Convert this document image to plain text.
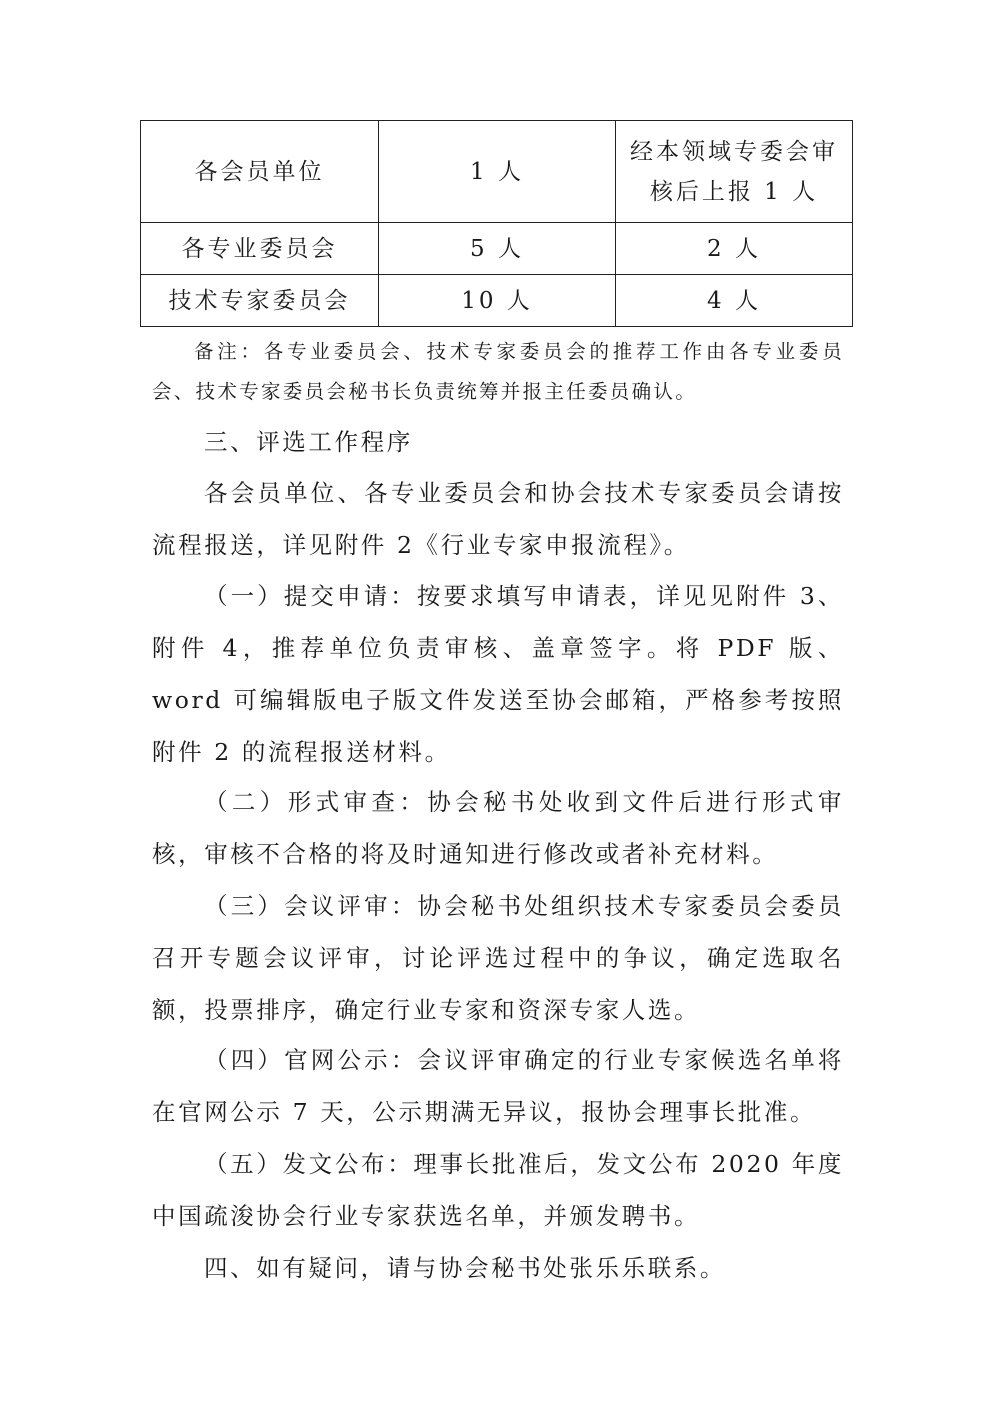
各会员单位	1 人	经本领域专委会审核后上报 1 人
各专业委员会	5 人	2 人
技术专家委员会	10 人	4 人

备注：各专业委员会、技术专家委员会的推荐工作由各专业委员会、技术专家委员会秘书长负责统筹并报主任委员确认。

三、评选工作程序

各会员单位、各专业委员会和协会技术专家委员会请按流程报送，详见附件 2《行业专家申报流程》。

（一）提交申请：按要求填写申请表，详见见附件 3、附件 4，推荐单位负责审核、盖章签字。将 PDF 版、word 可编辑版电子版文件发送至协会邮箱，严格参考按照附件 2 的流程报送材料。

（二）形式审查：协会秘书处收到文件后进行形式审核，审核不合格的将及时通知进行修改或者补充材料。

（三）会议评审：协会秘书处组织技术专家委员会委员召开专题会议评审，讨论评选过程中的争议，确定选取名额，投票排序，确定行业专家和资深专家人选。

（四）官网公示：会议评审确定的行业专家候选名单将在官网公示 7 天，公示期满无异议，报协会理事长批准。

（五）发文公布：理事长批准后，发文公布 2020 年度中国疏浚协会行业专家获选名单，并颁发聘书。

四、如有疑问，请与协会秘书处张乐乐联系。
